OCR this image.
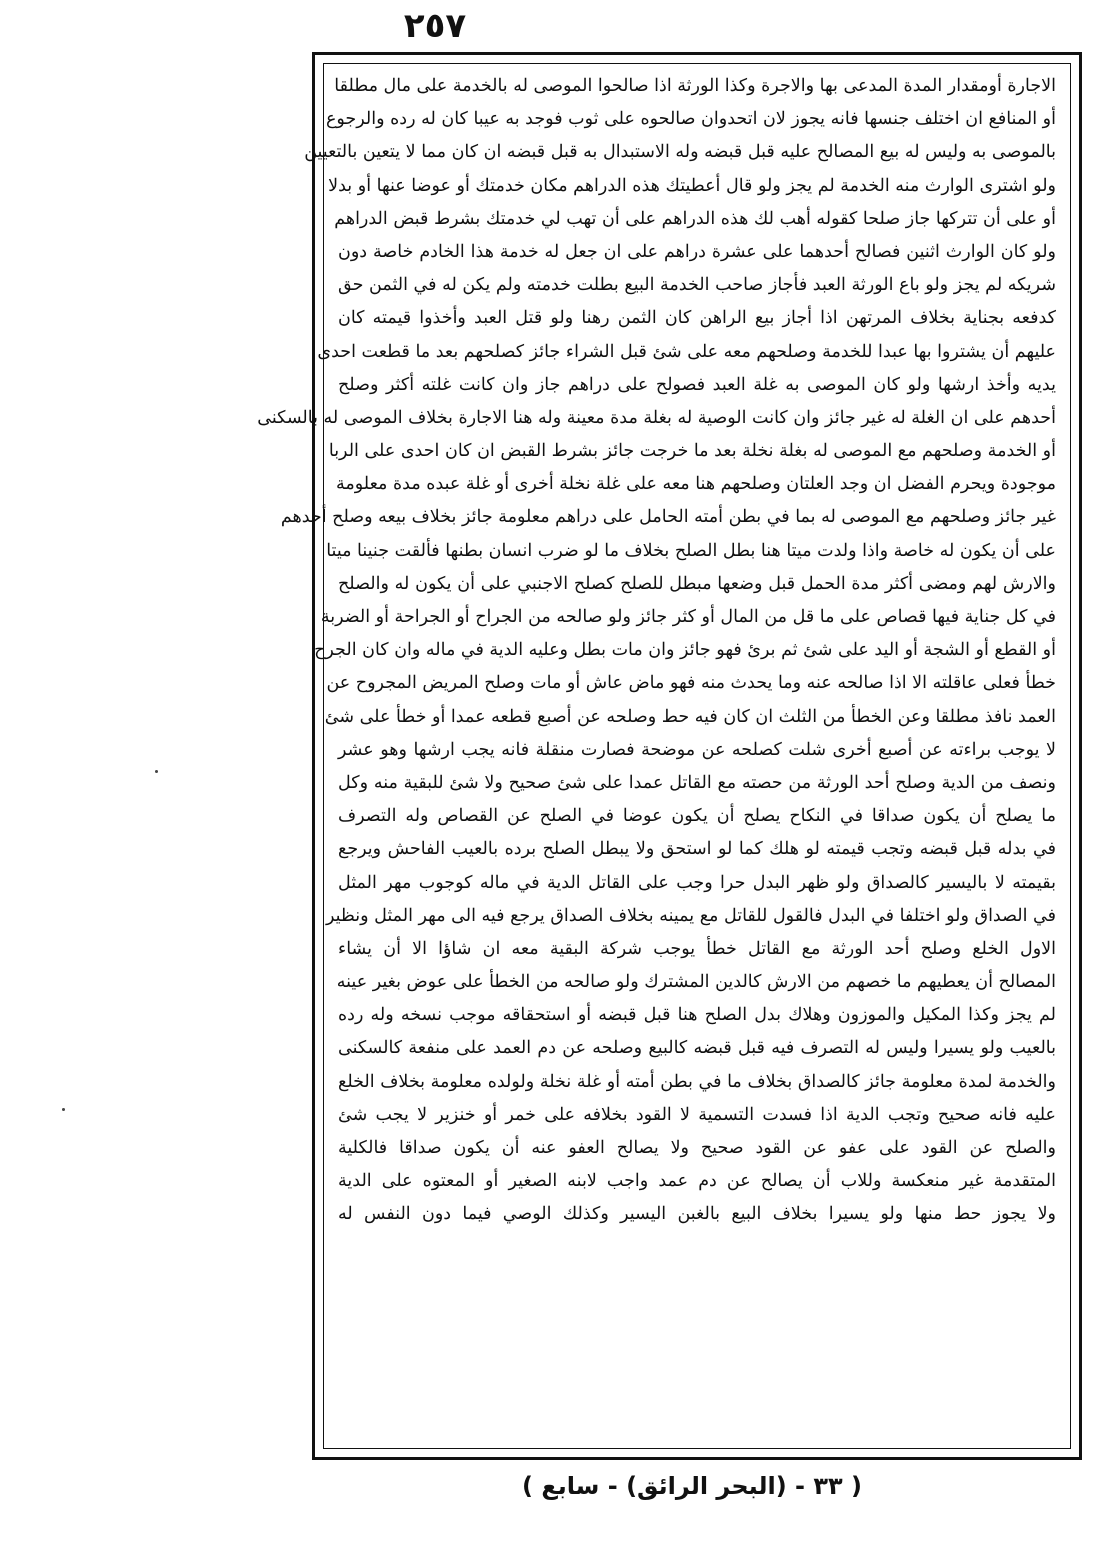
٢٥٧
الاجارة أومقدار المدة المدعى بها والاجرة وكذا الورثة اذا صالحوا الموصى له بالخدمة على مال مطلقا
أو المنافع ان اختلف جنسها فانه يجوز لان اتحدوان صالحوه على ثوب فوجد به عيبا كان له رده والرجوع
بالموصى به وليس له بيع المصالح عليه قبل قبضه وله الاستبدال به قبل قبضه ان كان مما لا يتعين بالتعيين
ولو اشترى الوارث منه الخدمة لم يجز ولو قال أعطيتك هذه الدراهم مكان خدمتك أو عوضا عنها أو بدلا
أو على أن تتركها جاز صلحا كقوله أهب لك هذه الدراهم على أن تهب لي خدمتك بشرط قبض الدراهم
ولو كان الوارث اثنين فصالح أحدهما على عشرة دراهم على ان جعل له خدمة هذا الخادم خاصة دون
شريكه لم يجز ولو باع الورثة العبد فأجاز صاحب الخدمة البيع بطلت خدمته ولم يكن له في الثمن حق
كدفعه بجناية بخلاف المرتهن اذا أجاز بيع الراهن كان الثمن رهنا ولو قتل العبد وأخذوا قيمته كان
عليهم أن يشتروا بها عبدا للخدمة وصلحهم معه على شئ قبل الشراء جائز كصلحهم بعد ما قطعت احدى
يديه وأخذ ارشها ولو كان الموصى به غلة العبد فصولح على دراهم جاز وان كانت غلته أكثر وصلح
أحدهم على ان الغلة له غير جائز وان كانت الوصية له بغلة مدة معينة وله هنا الاجارة بخلاف الموصى له بالسكنى
أو الخدمة وصلحهم مع الموصى له بغلة نخلة بعد ما خرجت جائز بشرط القبض ان كان احدى على الربا
موجودة ويحرم الفضل ان وجد العلتان وصلحهم هنا معه على غلة نخلة أخرى أو غلة عبده مدة معلومة
غير جائز وصلحهم مع الموصى له بما في بطن أمته الحامل على دراهم معلومة جائز بخلاف بيعه وصلح أحدهم
على أن يكون له خاصة واذا ولدت ميتا هنا بطل الصلح بخلاف ما لو ضرب انسان بطنها فألقت جنينا ميتا
والارش لهم ومضى أكثر مدة الحمل قبل وضعها مبطل للصلح كصلح الاجنبي على أن يكون له والصلح
في كل جناية فيها قصاص على ما قل من المال أو كثر جائز ولو صالحه من الجراح أو الجراحة أو الضربة
أو القطع أو الشجة أو اليد على شئ ثم برئ فهو جائز وان مات بطل وعليه الدية في ماله وان كان الجرح
خطأ فعلى عاقلته الا اذا صالحه عنه وما يحدث منه فهو ماض عاش أو مات وصلح المريض المجروح عن
العمد نافذ مطلقا وعن الخطأ من الثلث ان كان فيه حط وصلحه عن أصبع قطعه عمدا أو خطأ على شئ
لا يوجب براءته عن أصبع أخرى شلت كصلحه عن موضحة فصارت منقلة فانه يجب ارشها وهو عشر
ونصف من الدية وصلح أحد الورثة من حصته مع القاتل عمدا على شئ صحيح ولا شئ للبقية منه وكل
ما يصلح أن يكون صداقا في النكاح يصلح أن يكون عوضا في الصلح عن القصاص وله التصرف
في بدله قبل قبضه وتجب قيمته لو هلك كما لو استحق ولا يبطل الصلح برده بالعيب الفاحش ويرجع
بقيمته لا باليسير كالصداق ولو ظهر البدل حرا وجب على القاتل الدية في ماله كوجوب مهر المثل
في الصداق ولو اختلفا في البدل فالقول للقاتل مع يمينه بخلاف الصداق يرجع فيه الى مهر المثل ونظير
الاول الخلع وصلح أحد الورثة مع القاتل خطأ يوجب شركة البقية معه ان شاؤا الا أن يشاء
المصالح أن يعطيهم ما خصهم من الارش كالدين المشترك ولو صالحه من الخطأ على عوض بغير عينه
لم يجز وكذا المكيل والموزون وهلاك بدل الصلح هنا قبل قبضه أو استحقاقه موجب نسخه وله رده
بالعيب ولو يسيرا وليس له التصرف فيه قبل قبضه كالبيع وصلحه عن دم العمد على منفعة كالسكنى
والخدمة لمدة معلومة جائز كالصداق بخلاف ما في بطن أمته أو غلة نخلة ولولده معلومة بخلاف الخلع
عليه فانه صحيح وتجب الدية اذا فسدت التسمية لا القود بخلافه على خمر أو خنزير لا يجب شئ
والصلح عن القود على عفو عن القود صحيح ولا يصالح العفو عنه أن يكون صداقا فالكلية
المتقدمة غير منعكسة وللاب أن يصالح عن دم عمد واجب لابنه الصغير أو المعتوه على الدية
ولا يجوز حط منها ولو يسيرا بخلاف البيع بالغبن اليسير وكذلك الوصي فيما دون النفس له
( ٣٣ - (البحر الرائق) - سابع )
